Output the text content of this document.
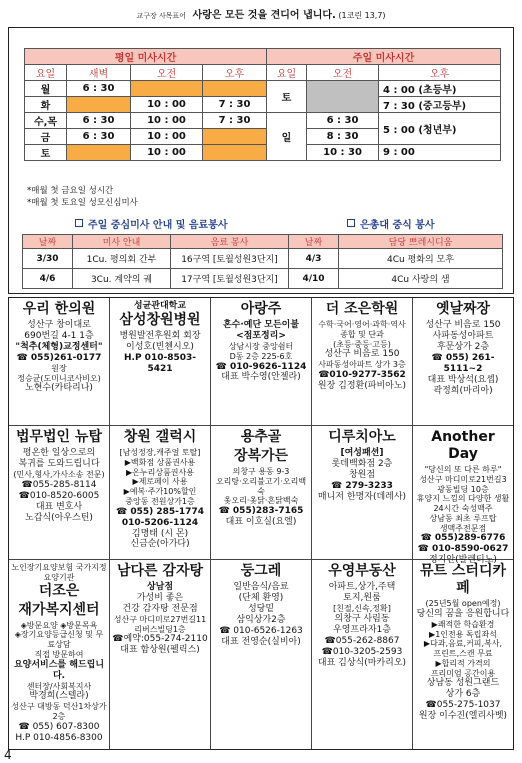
교구장 사목표어 사랑은 모든 것을 견디어 냅니다. (1코린 13,7)
평일 미사시간				주일 미사시간		
요일	새벽	오전	오후	요일	오전	오후
월	6 : 30			토		4 : 00 (초등부)
화		10 : 00	7 : 30			7 : 30 (중고등부)
수,목	6 : 30	10 : 00	7 : 30	일	6 : 30	5 : 00 (청년부)
금	6 : 30	10 : 00			8 : 30	
토		10 : 00			10 : 30	9 : 00
*매월 첫 금요일 성시간
*매월 첫 토요일 성모신심미사
주일 중심미사 안내 및 음료봉사	은총대 중식 봉사
날짜	미사 안내	음료 봉사	날짜	담당 쁘레시디움
3/30	1Cu. 평의회 간부	16구역 [토월성원3단지]	4/3	4Cu 평화의 모후
4/6	3Cu. 계약의 궤	17구역 [토월성원3단지]	4/10	4Cu 사랑의 샘
우리 한의원
성산구 창이대로
690번길 4-1 1층
"척추(체형)교정센터"
☎ 055)261-0177
원장
정승균(도미니코사비오)
노현수(카타리나)
성균관대학교
삼성창원병원
병원발전후원회 회장
이성호(빈첸시오)
H.P 010-8503-5421
아랑주
혼수·예단 모든이불
<점포정리>
상남시장 중앙쉼터
D동 2층 225-6호
☎ 010-9626-1124
대표 박수영(안젤라)
더 조은학원
수학·국어·영어·과학·역사
종합 및 단과
(초등·중등·고등)
성산구 비음로 150
사파동성아파트 상가 3층
☎010-9277-3562
원장 김정환(파비아노)
옛날짜장
성산구 비음로 150
사파동성아파트
후문상가 2층
☎ 055) 261-5111~2
대표 박상석(요셉)
곽정희(마리아)
법무법인 뉴탑
평온한 일상으로의
복귀를 도와드립니다
(민사,형사,가사소송 전문)
☎055-285-8114
☎010-8520-6005
대표 변호사
노갑식(아우스틴)
창원 갤럭시
[남성정장,캐주얼 토탈]
▶백화점 상품권사용
▶온누리상품권사용
▶제로페이 사용
▶예복·주가10%할인
중앙동 전원상가1층
☎ 055) 285-1774
010-5206-1124
김명태 (시 몬)
신금순(아가다)
용추골
장복가든
의창구 용동 9-3
오리탕·오리불고기·오리백숙
옻오리·옻닭·흔닭백숙
☎ 055)283-7165
대표 이호실(요엘)
디루치아노
[여성패션]
롯데백화점 2층
창원점
☎ 279-3233
매니저 한명자(데레사)
Another Day
"당신의 또 다른 하루"
성산구 마디미로21번길3
광동빌딩 10층
휴양지 느낌의 다양한 생활
24시간 숙성맥주
상남동 최초 루프탑
생맥주전문점
☎ 055)289-6776
☎ 010-8590-0627
정지안(발렌티노)
노인장기요양보험 국가지정요양기관
더조은
재가복지센터
◈방문요양 ◈방문목욕
◈장기요양등급신청 및 무료상담
직접 방문하여
요양서비스를 해드립니다.
센터장/사회복지사
박경희(스텔라)
성산구 대방동 덕산1차상가2층
☎ 055) 607-8300
H.P 010-4856-8300
남다른 감자탕
상남점
가성비 좋은
건강 감자탕 전문점
성산구 마디미로27번길11
리버스빌딩1층
☎예약:055-274-2110
대표 함상원(펠릭스)
둥그레
일반음식/음료
(단체 환영)
성당밑
삼익상가2층
☎ 010-6526-1263
대표 전영순(실비아)
우영부동산
아파트,상가,주택
토지,원룸
[친절,신속,정확]
의창구 사림동
우영프라자1층
☎055-262-8867
☎010-3205-2593
대표 김상식(마카리오)
뮤트 스터디카페
(25년5월 open예정)
당신의 꿈을 응원합니다
▶쾌적한 학습환경
▶1인전용 독립좌석
▶다과,음료,커피,복사,
프린트,스캔 무료
▶합리적 가격의
프리미엄 공간이용
상남동 성원그랜드
상가 6층
☎055-275-1037
원장 이수진(엘리사벳)
4
